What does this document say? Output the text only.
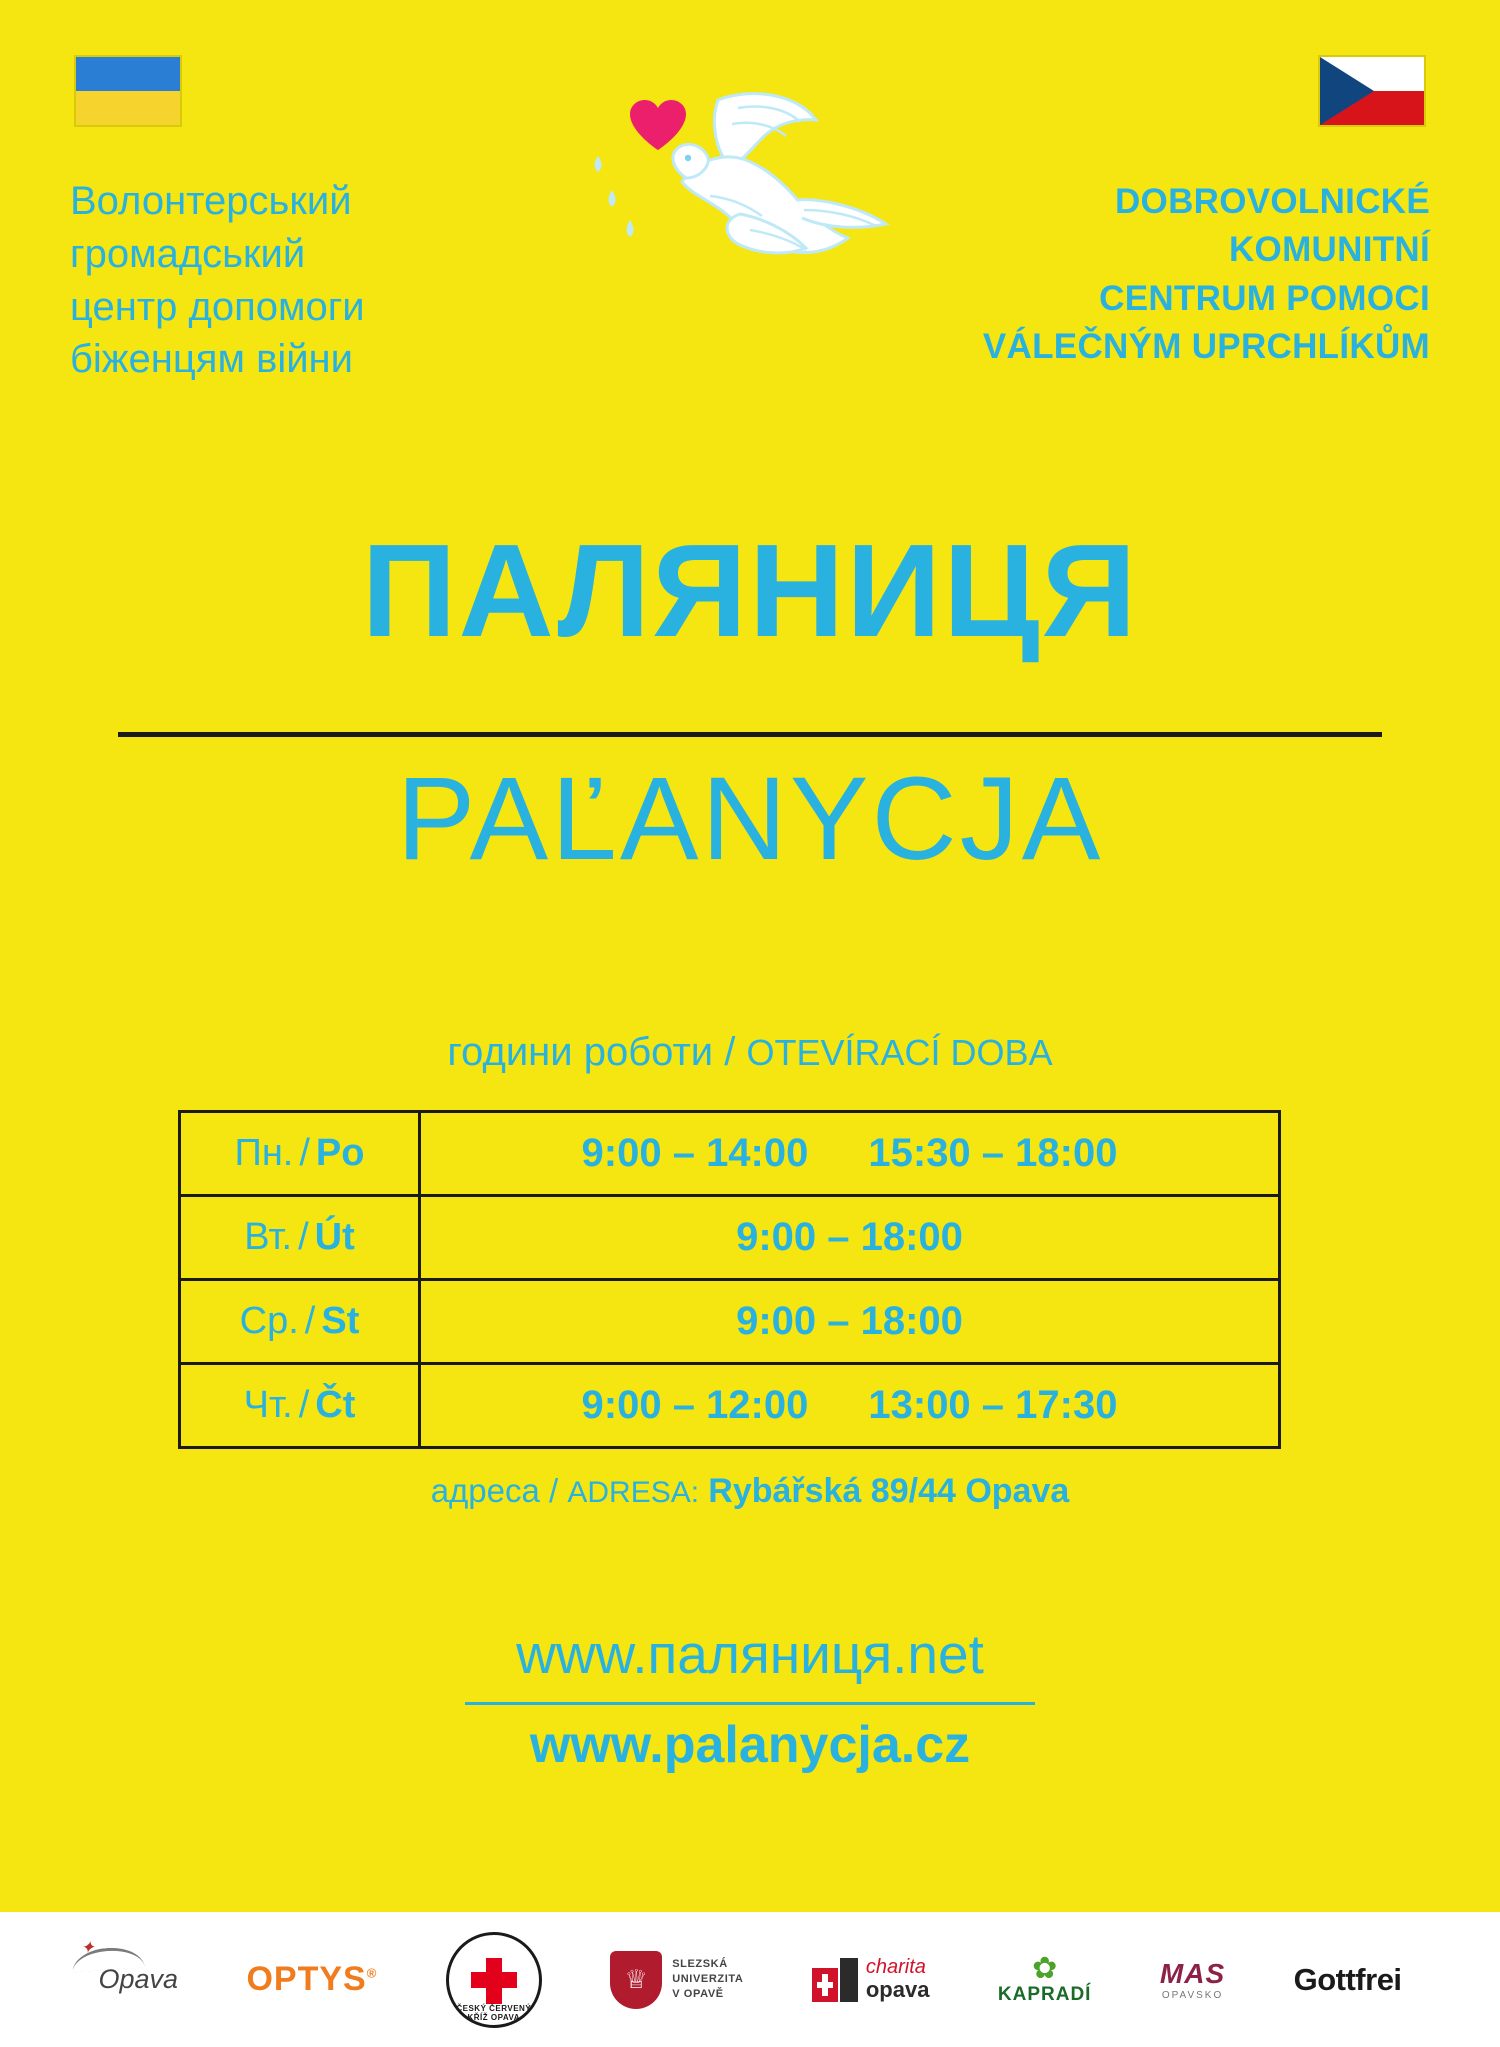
Волонтерський
громадський
центр допомоги
біженцям війни
DOBROVOLNICKÉ
KOMUNITNÍ
CENTRUM POMOCI
VÁLEČNÝM UPRCHLÍKŮM
ПАЛЯНИЦЯ
PAĽANYCJA
години роботи / OTEVÍRACÍ DOBA
Пн. / Po	9:00 – 14:00 15:30 – 18:00
Вт. / Út	9:00 – 18:00
Ср. / St	9:00 – 18:00
Чт. / Čt	9:00 – 12:00 13:00 – 17:30
адреса / ADRESA: Rybářská 89/44 Opava
www.паляниця.net
www.palanycja.cz
✦
Opava OPTYS®
ČESKÝ ČERVENÝ KŘÍŽ OPAVA
♕	SLEZSKÁ
UNIVERZITA
V OPAVĚ
charita
opava
✿
KAPRADÍ
MAS
OPAVSKO Gottfrei
